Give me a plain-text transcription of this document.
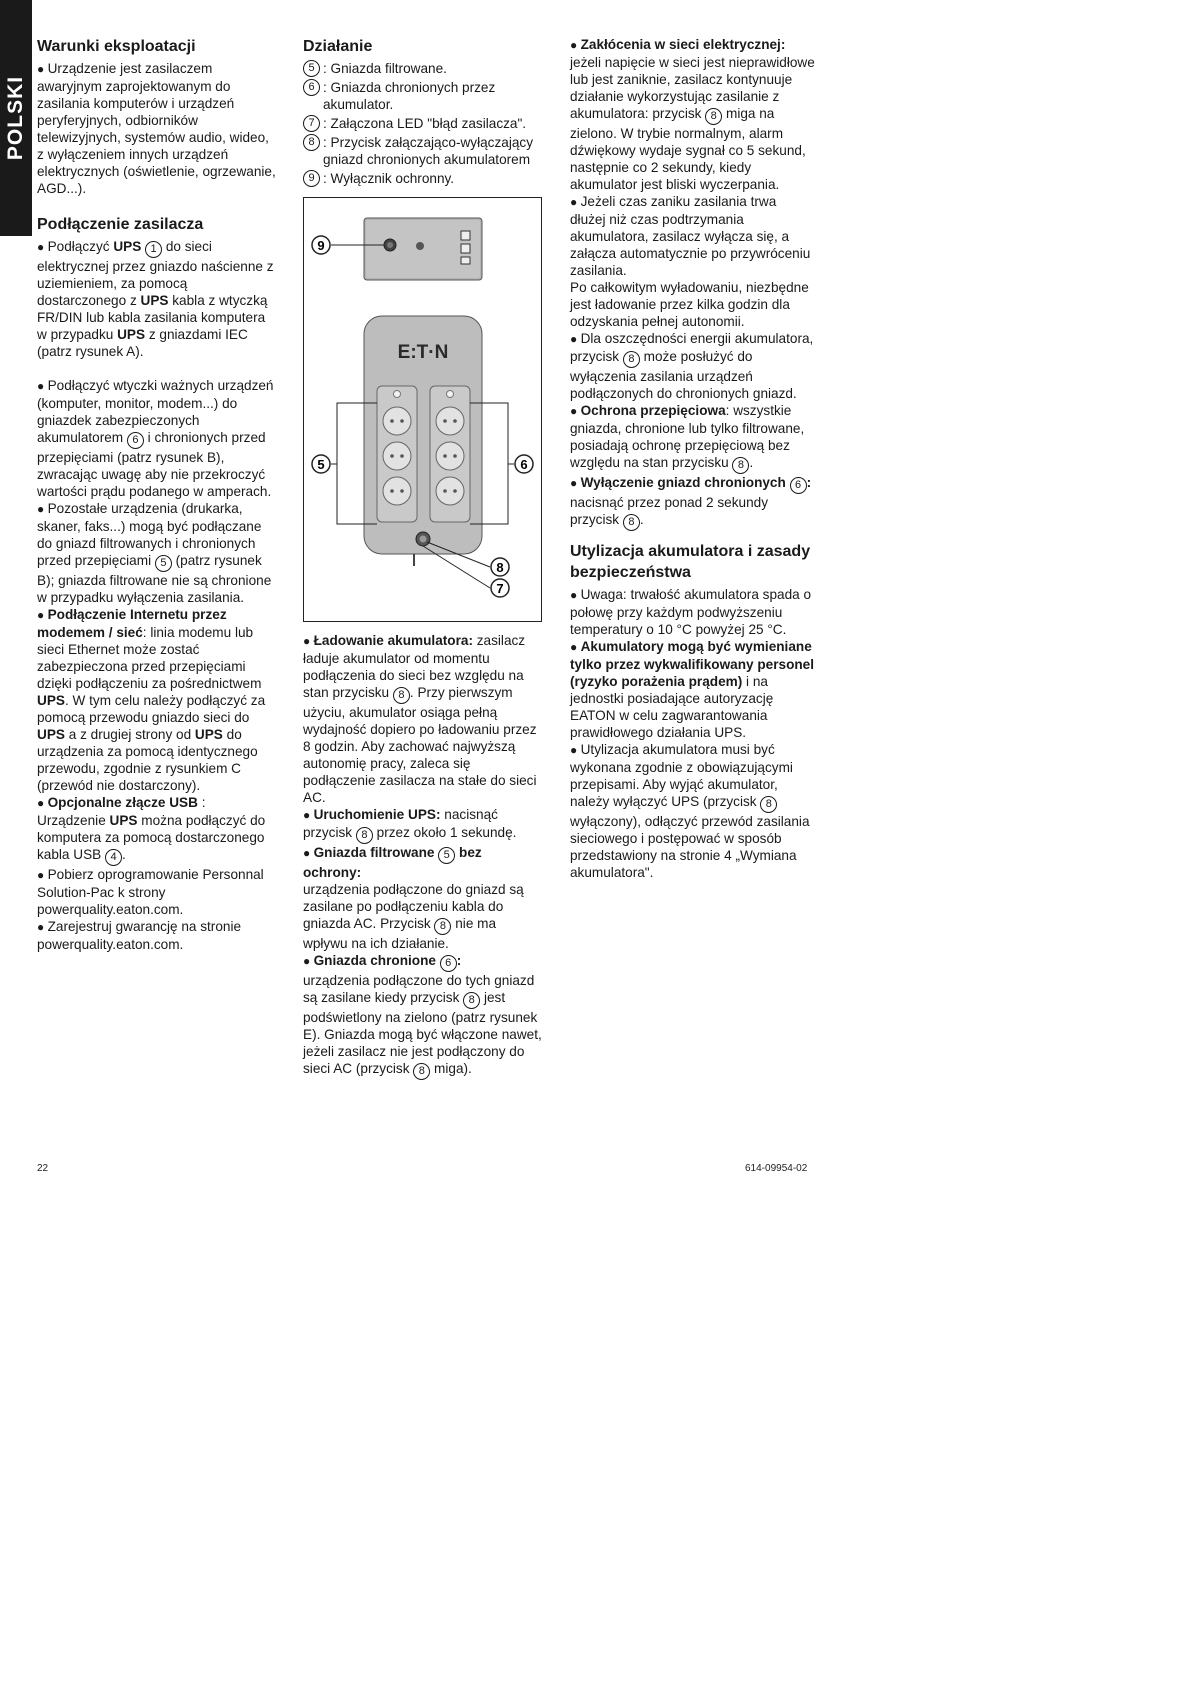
POLSKI
Warunki eksploatacji

● Urządzenie jest zasilaczem awaryjnym zaprojektowanym do zasilania komputerów i urządzeń peryferyjnych, odbiorników telewizyjnych, systemów audio, wideo, z wyłączeniem innych urządzeń elektrycznych (oświetlenie, ogrzewanie, AGD...).

Podłączenie zasilacza

● Podłączyć UPS 1 do sieci elektrycznej przez gniazdo naścienne z uziemieniem, za pomocą dostarczonego z UPS kabla z wtyczką FR/DIN lub kabla zasilania komputera w przypadku UPS z gniazdami IEC (patrz rysunek A).

● Podłączyć wtyczki ważnych urządzeń (komputer, monitor, modem...) do gniazdek zabezpieczonych akumulatorem 6 i chronionych przed przepięciami (patrz rysunek B), zwracając uwagę aby nie przekroczyć wartości prądu podanego w amperach.

● Pozostałe urządzenia (drukarka, skaner, faks...) mogą być podłączane do gniazd filtrowanych i chronionych przed przepięciami 5 (patrz rysunek B); gniazda filtrowane nie są chronione w przypadku wyłączenia zasilania.

● Podłączenie Internetu przez modemem / sieć: linia modemu lub sieci Ethernet może zostać zabezpieczona przed przepięciami dzięki podłączeniu za pośrednictwem UPS. W tym celu należy podłączyć za pomocą przewodu gniazdo sieci do UPS a z drugiej strony od UPS do urządzenia za pomocą identycznego przewodu, zgodnie z rysunkiem C (przewód nie dostarczony).

● Opcjonalne złącze USB : Urządzenie UPS można podłączyć do komputera za pomocą dostarczonego kabla USB 4 .

● Pobierz oprogramowanie Personnal Solution-Pac k strony powerquality.eaton.com.

● Zarejestruj gwarancję na stronie powerquality.eaton.com.

Działanie
5 : Gniazda filtrowane.
6 : Gniazda chronionych przez akumulator.
7 : Załączona LED "błąd zasilacza".
8 : Przycisk załączająco-wyłączający gniazd chronionych akumulatorem
9 : Wyłącznik ochronny.
E:T·N
9
5	6
8
7

● Ładowanie akumulatora: zasilacz ładuje akumulator od momentu podłączenia do sieci bez względu na stan przycisku 8 . Przy pierwszym użyciu, akumulator osiąga pełną wydajność dopiero po ładowaniu przez 8 godzin. Aby zachować najwyższą autonomię pracy, zaleca się podłączenie zasilacza na stałe do sieci AC.

● Uruchomienie UPS: nacisnąć przycisk 8 przez około 1 sekundę.

● Gniazda filtrowane 5 bez ochrony:
urządzenia podłączone do gniazd są zasilane po podłączeniu kabla do gniazda AC. Przycisk 8 nie ma wpływu na ich działanie.

● Gniazda chronione 6 :
urządzenia podłączone do tych gniazd są zasilane kiedy przycisk 8 jest podświetlony na zielono (patrz rysunek E). Gniazda mogą być włączone nawet, jeżeli zasilacz nie jest podłączony do sieci AC (przycisk 8 miga).

● Zakłócenia w sieci elektrycznej: jeżeli napięcie w sieci jest nieprawidłowe lub jest zaniknie, zasilacz kontynuuje działanie wykorzystując zasilanie z akumulatora: przycisk 8 miga na zielono. W trybie normalnym, alarm dźwiękowy wydaje sygnał co 5 sekund, następnie co 2 sekundy, kiedy akumulator jest bliski wyczerpania.

● Jeżeli czas zaniku zasilania trwa dłużej niż czas podtrzymania akumulatora, zasilacz wyłącza się, a załącza automatycznie po przywróceniu zasilania.

Po całkowitym wyładowaniu, niezbędne jest ładowanie przez kilka godzin dla odzyskania pełnej autonomii.

● Dla oszczędności energii akumulatora, przycisk 8 może posłużyć do wyłączenia zasilania urządzeń podłączonych do chronionych gniazd.

● Ochrona przepięciowa: wszystkie gniazda, chronione lub tylko filtrowane, posiadają ochronę przepięciową bez względu na stan przycisku 8 .

● Wyłączenie gniazd chronionych 6 : nacisnąć przez ponad 2 sekundy przycisk 8 .

Utylizacja akumulatora i zasady bezpieczeństwa

● Uwaga: trwałość akumulatora spada o połowę przy każdym podwyższeniu temperatury o 10 °C powyżej 25 °C.

● Akumulatory mogą być wymieniane tylko przez wykwalifikowany personel (ryzyko porażenia prądem) i na jednostki posiadające autoryzację EATON w celu zagwarantowania prawidłowego działania UPS.

● Utylizacja akumulatora musi być wykonana zgodnie z obowiązującymi przepisami. Aby wyjąć akumulator, należy wyłączyć UPS (przycisk 8 wyłączony), odłączyć przewód zasilania sieciowego i postępować w sposób przedstawiony na stronie 4 „Wymiana akumulatora".

22	614-09954-02
